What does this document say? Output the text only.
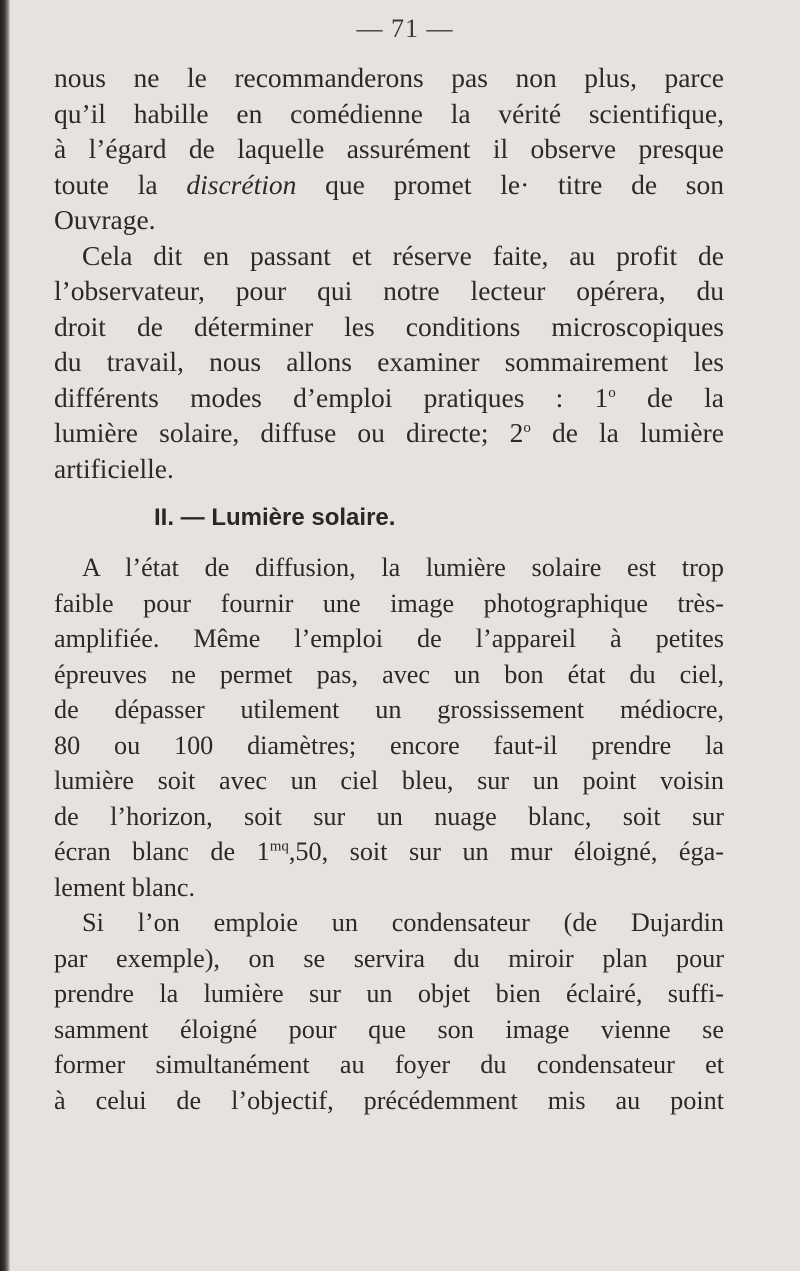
— 71 —
nous ne le recommanderons pas non plus, parce
qu’il habille en comédienne la vérité scientifique,
à l’égard de laquelle assurément il observe presque
toute la discrétion que promet le· titre de son
Ouvrage.
Cela dit en passant et réserve faite, au profit de
l’observateur, pour qui notre lecteur opérera, du
droit de déterminer les conditions microscopiques
du travail, nous allons examiner sommairement les
différents modes d’emploi pratiques : 1$^o$ de la
lumière solaire, diffuse ou directe; 2$^o$ de la lumière
artificielle.
II. — Lumière solaire.
A l’état de diffusion, la lumière solaire est trop
faible pour fournir une image photographique très-
amplifiée. Même l’emploi de l’appareil à petites
épreuves ne permet pas, avec un bon état du ciel,
de dépasser utilement un grossissement médiocre,
80 ou 100 diamètres; encore faut-il prendre la
lumière soit avec un ciel bleu, sur un point voisin
de l’horizon, soit sur un nuage blanc, soit sur
écran blanc de $1^{mq},50$, soit sur un mur éloigné, éga-
lement blanc.
Si l’on emploie un condensateur (de Dujardin
par exemple), on se servira du miroir plan pour
prendre la lumière sur un objet bien éclairé, suffi-
samment éloigné pour que son image vienne se
former simultanément au foyer du condensateur et
à celui de l’objectif, précédemment mis au point
